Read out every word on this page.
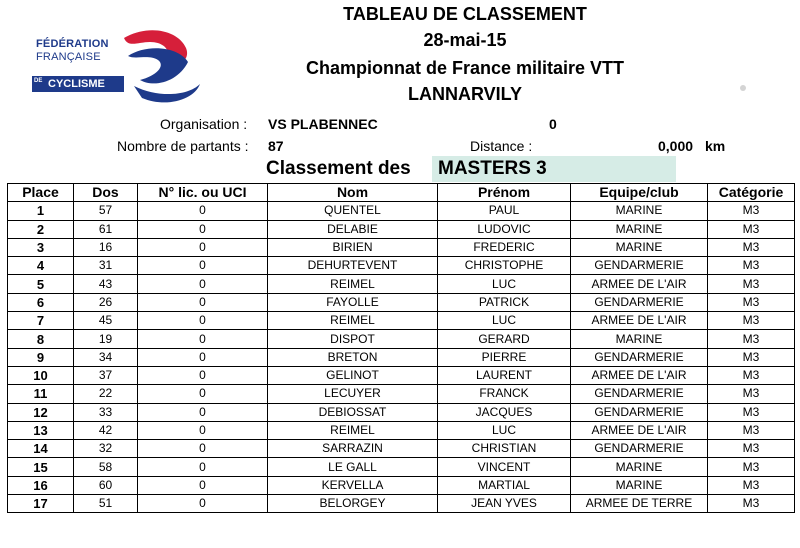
FÉDÉRATION
FRANÇAISE
DE CYCLISME
TABLEAU DE CLASSEMENT
28-mai-15
Championnat de France militaire VTT
LANNARVILY
Organisation : VS PLABENNEC	0
Nombre de partants : 87	Distance :	0,000 km
Classement des MASTERS 3
Place	Dos	N° lic. ou UCI	Nom	Prénom	Equipe/club	Catégorie
1	57	0	QUENTEL	PAUL	MARINE	M3
2	61	0	DELABIE	LUDOVIC	MARINE	M3
3	16	0	BIRIEN	FREDERIC	MARINE	M3
4	31	0	DEHURTEVENT	CHRISTOPHE	GENDARMERIE	M3
5	43	0	REIMEL	LUC	ARMEE DE L'AIR	M3
6	26	0	FAYOLLE	PATRICK	GENDARMERIE	M3
7	45	0	REIMEL	LUC	ARMEE DE L'AIR	M3
8	19	0	DISPOT	GERARD	MARINE	M3
9	34	0	BRETON	PIERRE	GENDARMERIE	M3
10	37	0	GELINOT	LAURENT	ARMEE DE L'AIR	M3
11	22	0	LECUYER	FRANCK	GENDARMERIE	M3
12	33	0	DEBIOSSAT	JACQUES	GENDARMERIE	M3
13	42	0	REIMEL	LUC	ARMEE DE L'AIR	M3
14	32	0	SARRAZIN	CHRISTIAN	GENDARMERIE	M3
15	58	0	LE GALL	VINCENT	MARINE	M3
16	60	0	KERVELLA	MARTIAL	MARINE	M3
17	51	0	BELORGEY	JEAN YVES	ARMEE DE TERRE	M3
